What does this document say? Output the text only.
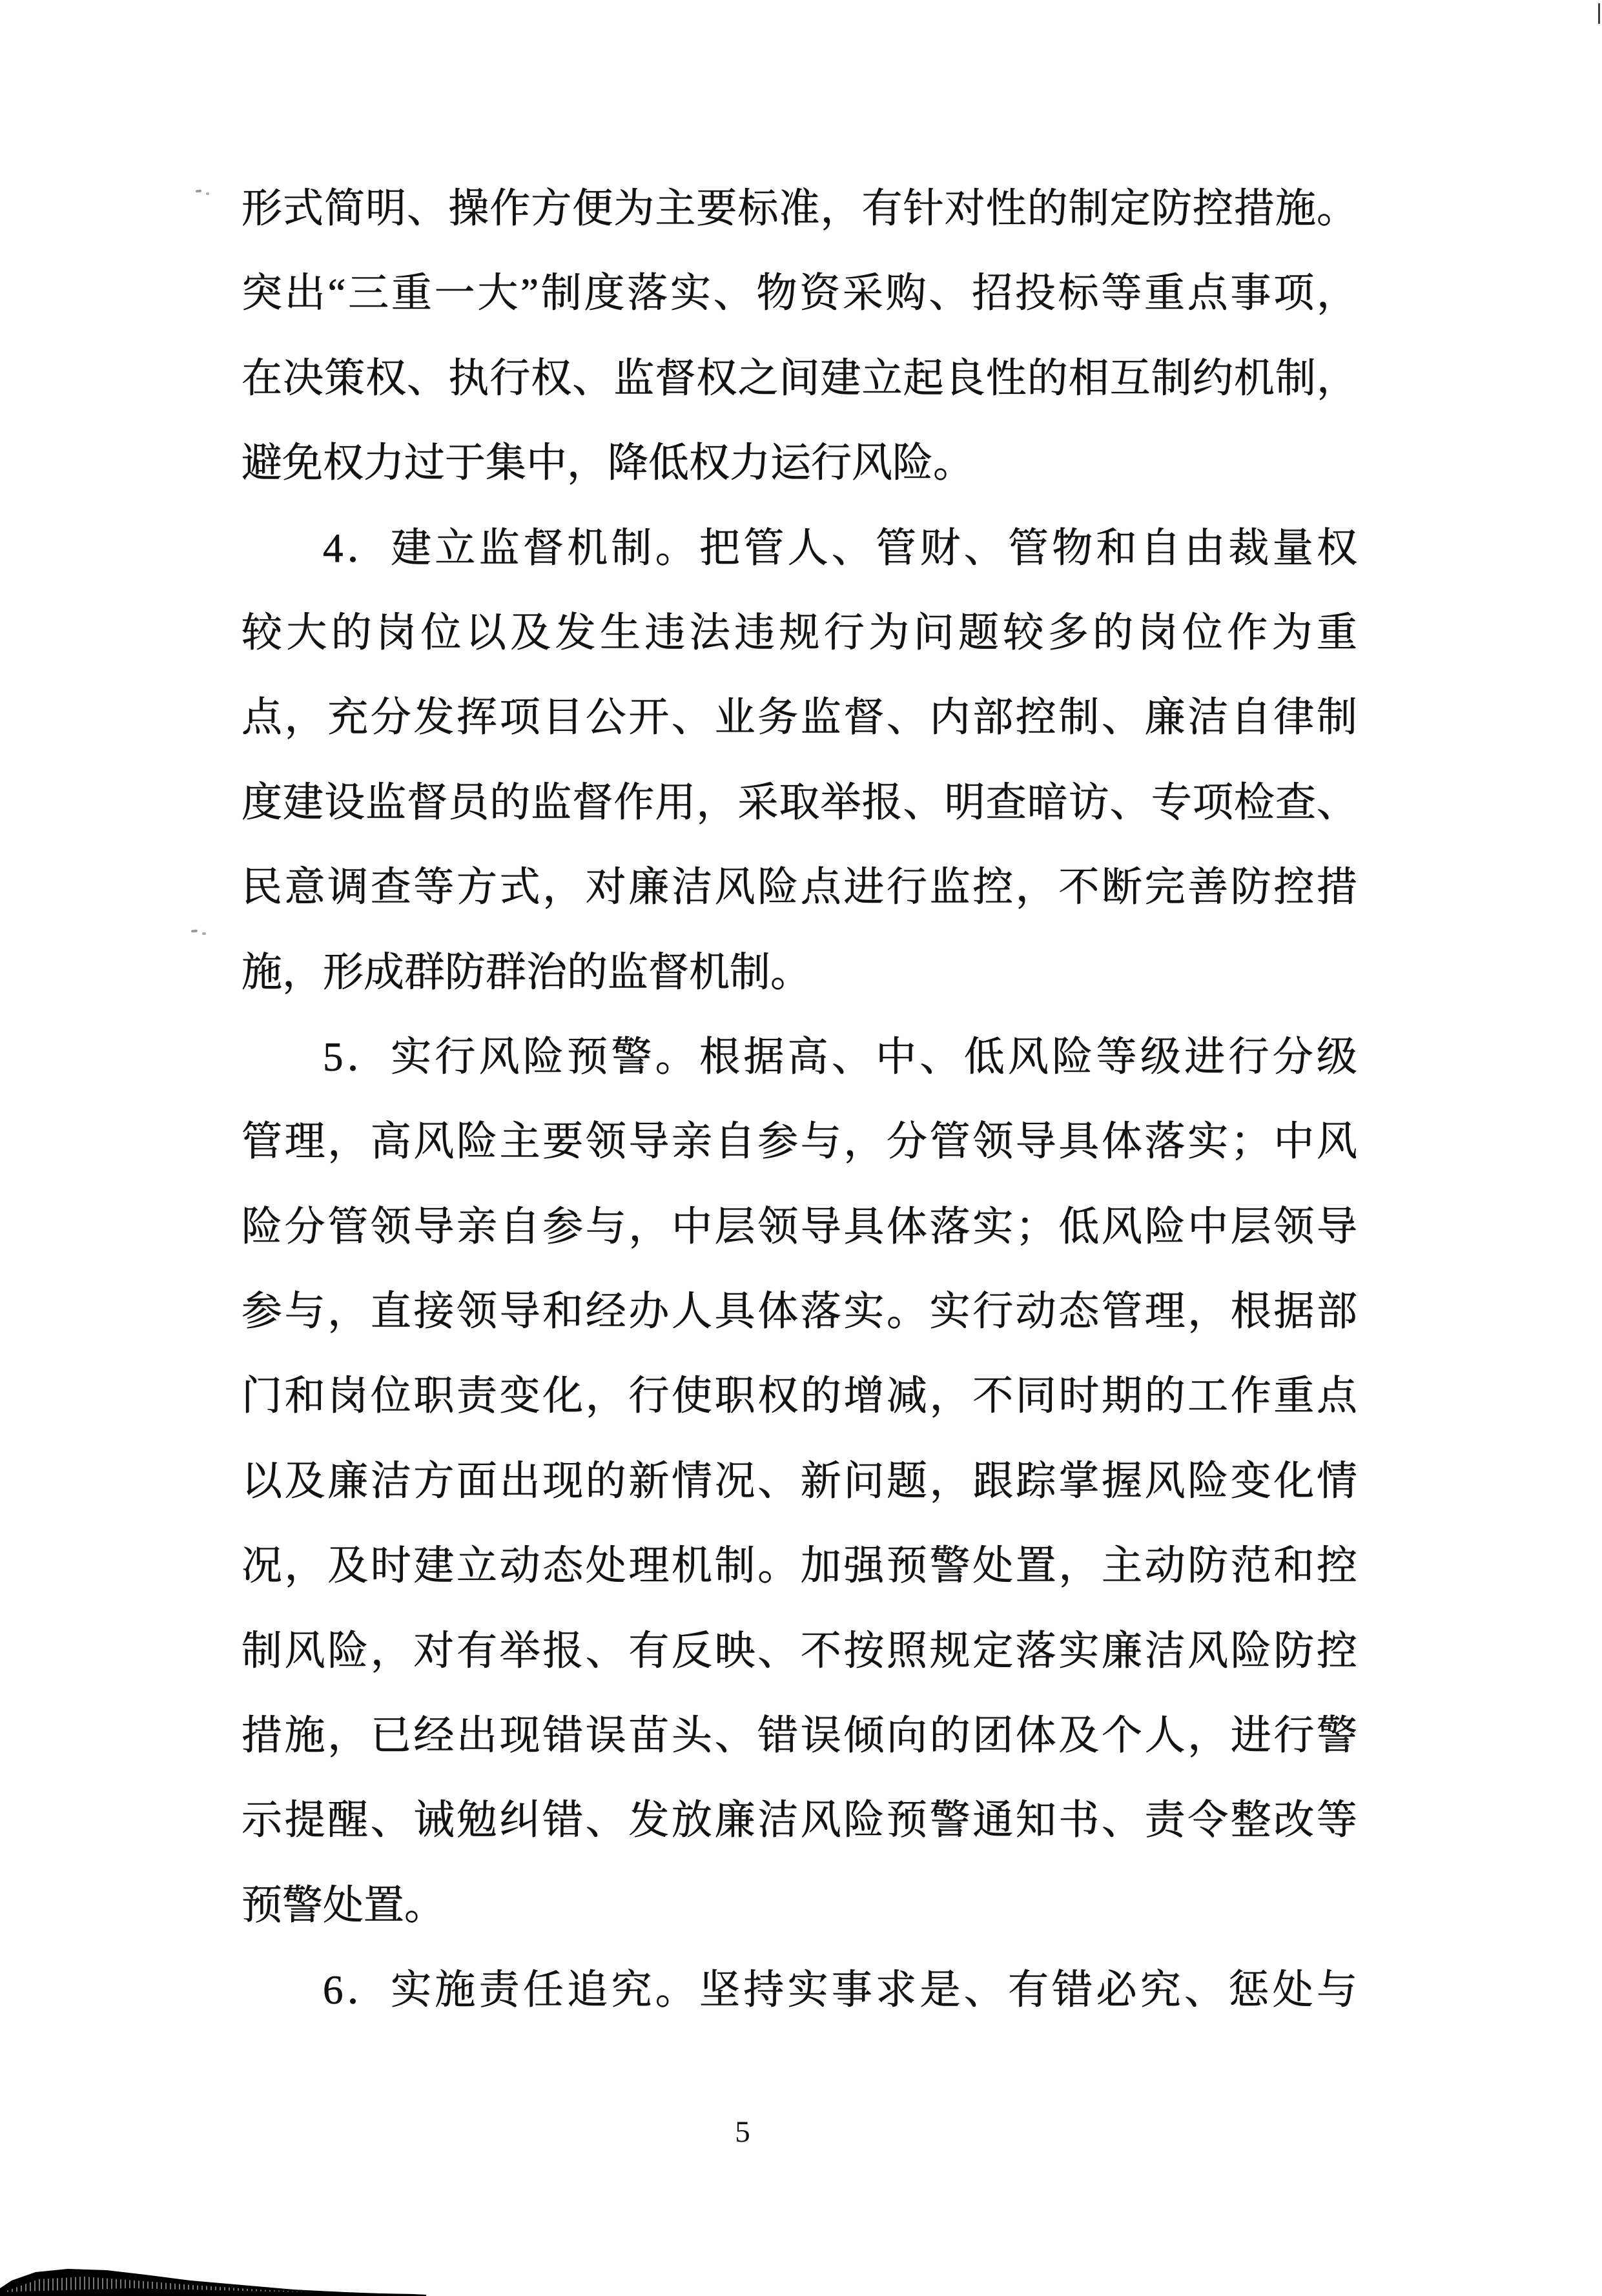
形式简明、操作方便为主要标准，有针对性的制定防控措施。
突出“三重一大”制度落实、物资采购、招投标等重点事项，
在决策权、执行权、监督权之间建立起良性的相互制约机制，
避免权力过于集中，降低权力运行风险。
4．建立监督机制。把管人、管财、管物和自由裁量权
较大的岗位以及发生违法违规行为问题较多的岗位作为重
点，充分发挥项目公开、业务监督、内部控制、廉洁自律制
度建设监督员的监督作用，采取举报、明查暗访、专项检查、
民意调查等方式，对廉洁风险点进行监控，不断完善防控措
施，形成群防群治的监督机制。
5．实行风险预警。根据高、中、低风险等级进行分级
管理，高风险主要领导亲自参与，分管领导具体落实；中风
险分管领导亲自参与，中层领导具体落实；低风险中层领导
参与，直接领导和经办人具体落实。实行动态管理，根据部
门和岗位职责变化，行使职权的增减，不同时期的工作重点
以及廉洁方面出现的新情况、新问题，跟踪掌握风险变化情
况，及时建立动态处理机制。加强预警处置，主动防范和控
制风险，对有举报、有反映、不按照规定落实廉洁风险防控
措施，已经出现错误苗头、错误倾向的团体及个人，进行警
示提醒、诫勉纠错、发放廉洁风险预警通知书、责令整改等
预警处置。
6．实施责任追究。坚持实事求是、有错必究、惩处与
5
